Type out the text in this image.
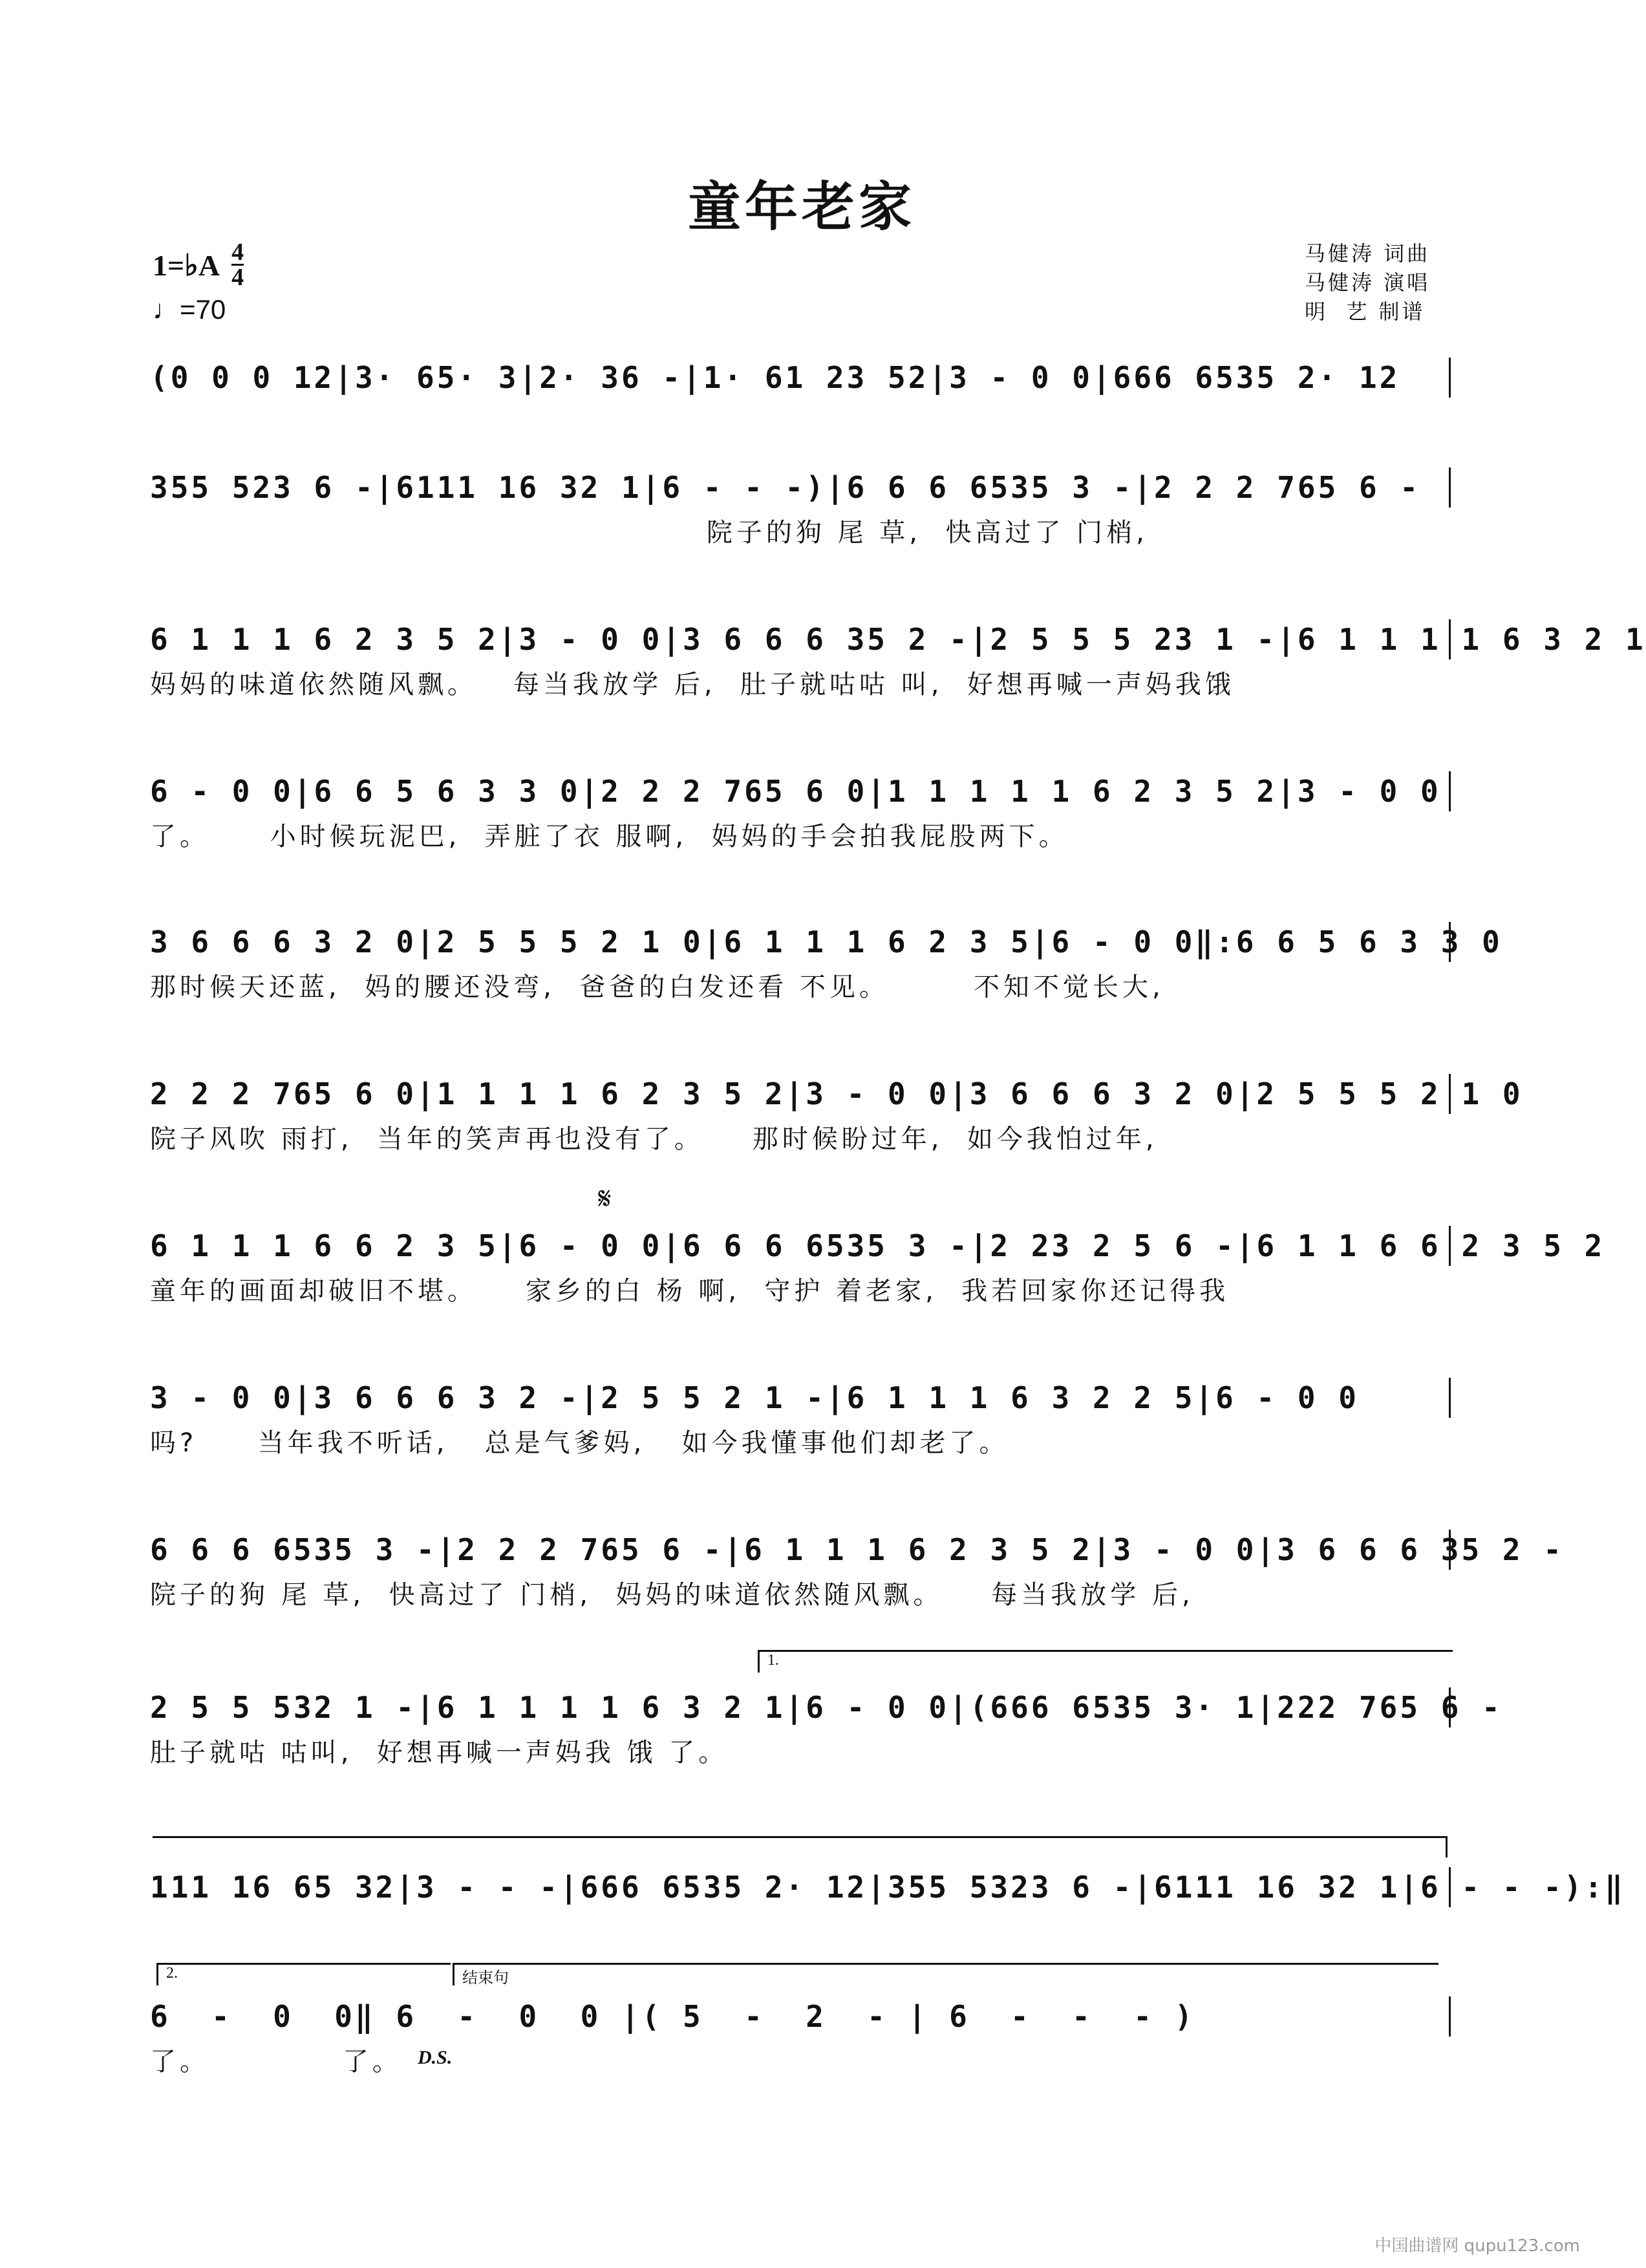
童年老家
1=♭A 4
4
♩=70
马健涛 词曲
马健涛 演唱
明  艺 制谱
(0 0 0 12|3· 65· 3|2· 36 -|1· 61 23 52|3 - 0 0|666 6535 2· 12
355 523 6 -|6111 16 32 1|6 - - -)|6 6 6 6535 3 -|2 2 2 765 6 -
院子的狗 尾 草,  快高过了 门梢,
6 1 1 1 6 2 3 5 2|3 - 0 0|3 6 6 6 35 2 -|2 5 5 5 23 1 -|6 1 1 1 1 6 3 2 1
妈妈的味道依然随风飘。   每当我放学 后,  肚子就咕咕 叫,  好想再喊一声妈我饿
6 - 0 0|6 6 5 6 3 3 0|2 2 2 765 6 0|1 1 1 1 1 6 2 3 5 2|3 - 0 0
了。     小时候玩泥巴,  弄脏了衣 服啊,  妈妈的手会拍我屁股两下。
3 6 6 6 3 2 0|2 5 5 5 2 1 0|6 1 1 1 6 2 3 5|6 - 0 0‖:6 6 5 6 3 3 0
那时候天还蓝,  妈的腰还没弯,  爸爸的白发还看 不见。       不知不觉长大,
2 2 2 765 6 0|1 1 1 1 6 2 3 5 2|3 - 0 0|3 6 6 6 3 2 0|2 5 5 5 2 1 0
院子风吹 雨打,  当年的笑声再也没有了。    那时候盼过年,  如今我怕过年,
𝄋
6 1 1 1 6 6 2 3 5|6 - 0 0|6 6 6 6535 3 -|2 23 2 5 6 -|6 1 1 6 6 2 3 5 2
童年的画面却破旧不堪。    家乡的白 杨 啊,  守护 着老家,  我若回家你还记得我
3 - 0 0|3 6 6 6 3 2 -|2 5 5 2 1 -|6 1 1 1 6 3 2 2 5|6 - 0 0
吗?     当年我不听话,   总是气爹妈,   如今我懂事他们却老了。
6 6 6 6535 3 -|2 2 2 765 6 -|6 1 1 1 6 2 3 5 2|3 - 0 0|3 6 6 6 35 2 -
院子的狗 尾 草,  快高过了 门梢,  妈妈的味道依然随风飘。    每当我放学 后,
1.
2 5 5 532 1 -|6 1 1 1 1 6 3 2 1|6 - 0 0|(666 6535 3· 1|222 765 6 -
肚子就咕 咕叫,  好想再喊一声妈我 饿 了。
111 16 65 32|3 - - -|666 6535 2· 12|355 5323 6 -|6111 16 32 1|6 - - -):‖
2.	结束句
6  -  0  0‖ 6  -  0  0 |( 5  -  2  - | 6  -  -  - )
了。           了。 D.S.
中国曲谱网 qupu123.com
